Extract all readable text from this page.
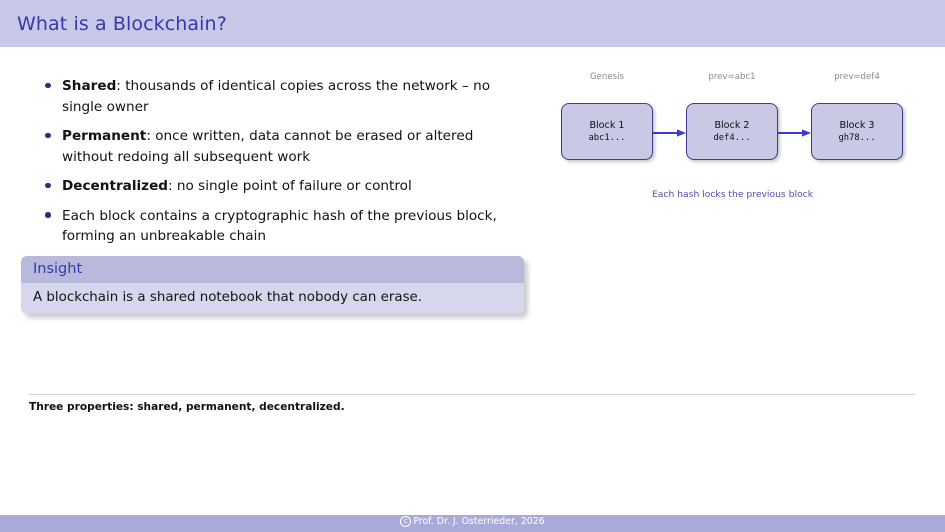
What is a Blockchain?
Shared: thousands of identical copies across the network – no single owner
Permanent: once written, data cannot be erased or altered without redoing all subsequent work
Decentralized: no single point of failure or control
Each block contains a cryptographic hash of the previous block, forming an unbreakable chain
Insight
A blockchain is a shared notebook that nobody can erase.
Genesis	prev=abc1	prev=def4
Block 1
abc1...
Block 2
def4...
Block 3
gh78...
Each hash locks the previous block
Three properties: shared, permanent, decentralized.
c Prof. Dr. J. Osterrieder, 2026
